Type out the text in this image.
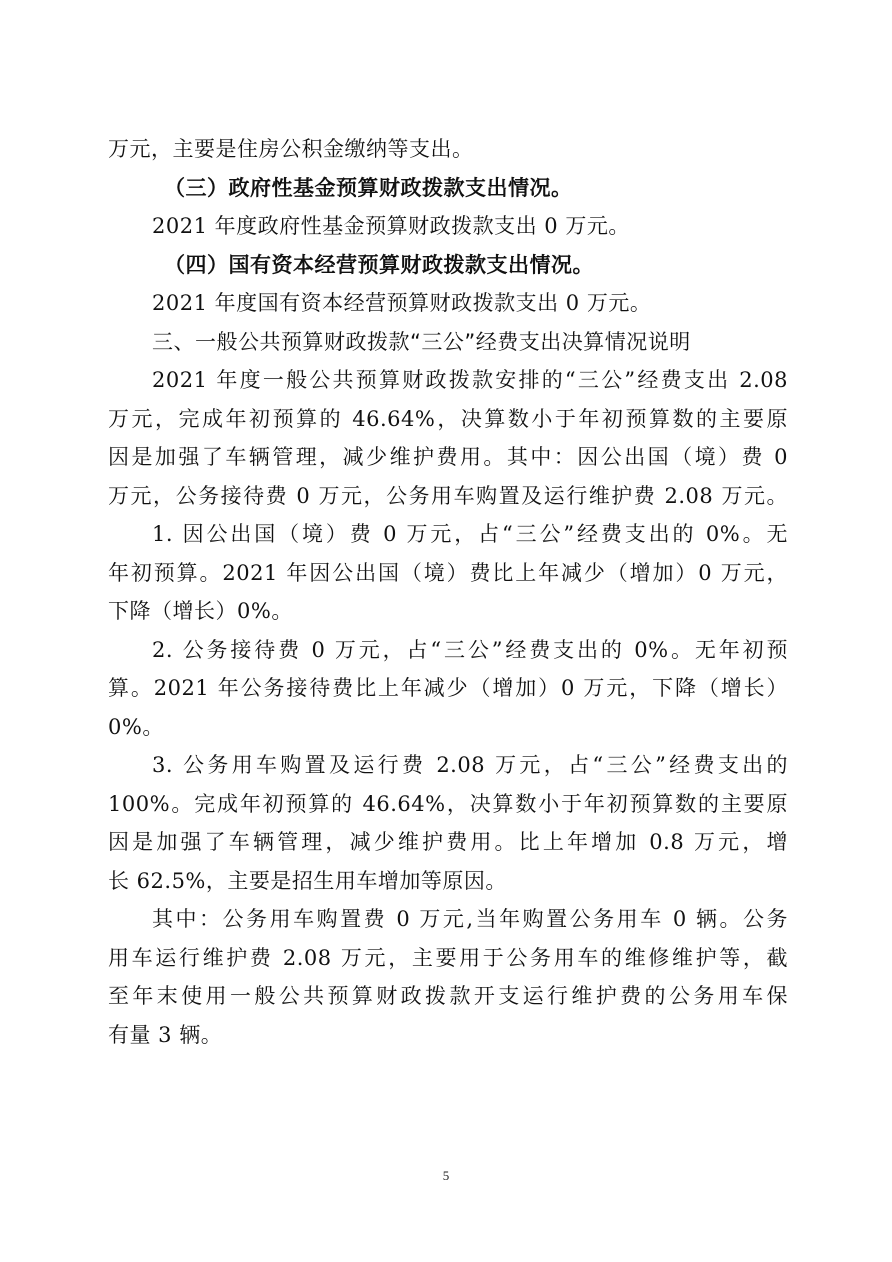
万元，主要是住房公积金缴纳等支出。
（三）政府性基金预算财政拨款支出情况。
2021 年度政府性基金预算财政拨款支出 0 万元。
（四）国有资本经营预算财政拨款支出情况。
2021 年度国有资本经营预算财政拨款支出 0 万元。
三、一般公共预算财政拨款“三公”经费支出决算情况说明
2021 年度一般公共预算财政拨款安排的“三公”经费支出 2.08
万元，完成年初预算的 46.64%，决算数小于年初预算数的主要原
因是加强了车辆管理，减少维护费用。其中：因公出国（境）费 0
万元，公务接待费 0 万元，公务用车购置及运行维护费 2.08 万元。
1. 因公出国（境）费 0 万元，占“三公”经费支出的 0%。无
年初预算。2021 年因公出国（境）费比上年减少（增加）0 万元，
下降（增长）0%。
2. 公务接待费 0 万元，占“三公”经费支出的 0%。无年初预
算。2021 年公务接待费比上年减少（增加）0 万元，下降（增长）
0%。
3. 公务用车购置及运行费 2.08 万元，占“三公”经费支出的
100%。完成年初预算的 46.64%，决算数小于年初预算数的主要原
因是加强了车辆管理，减少维护费用。比上年增加 0.8 万元，增
长 62.5%，主要是招生用车增加等原因。
其中：公务用车购置费 0 万元,当年购置公务用车 0 辆。公务
用车运行维护费 2.08 万元，主要用于公务用车的维修维护等，截
至年末使用一般公共预算财政拨款开支运行维护费的公务用车保
有量 3 辆。
5
